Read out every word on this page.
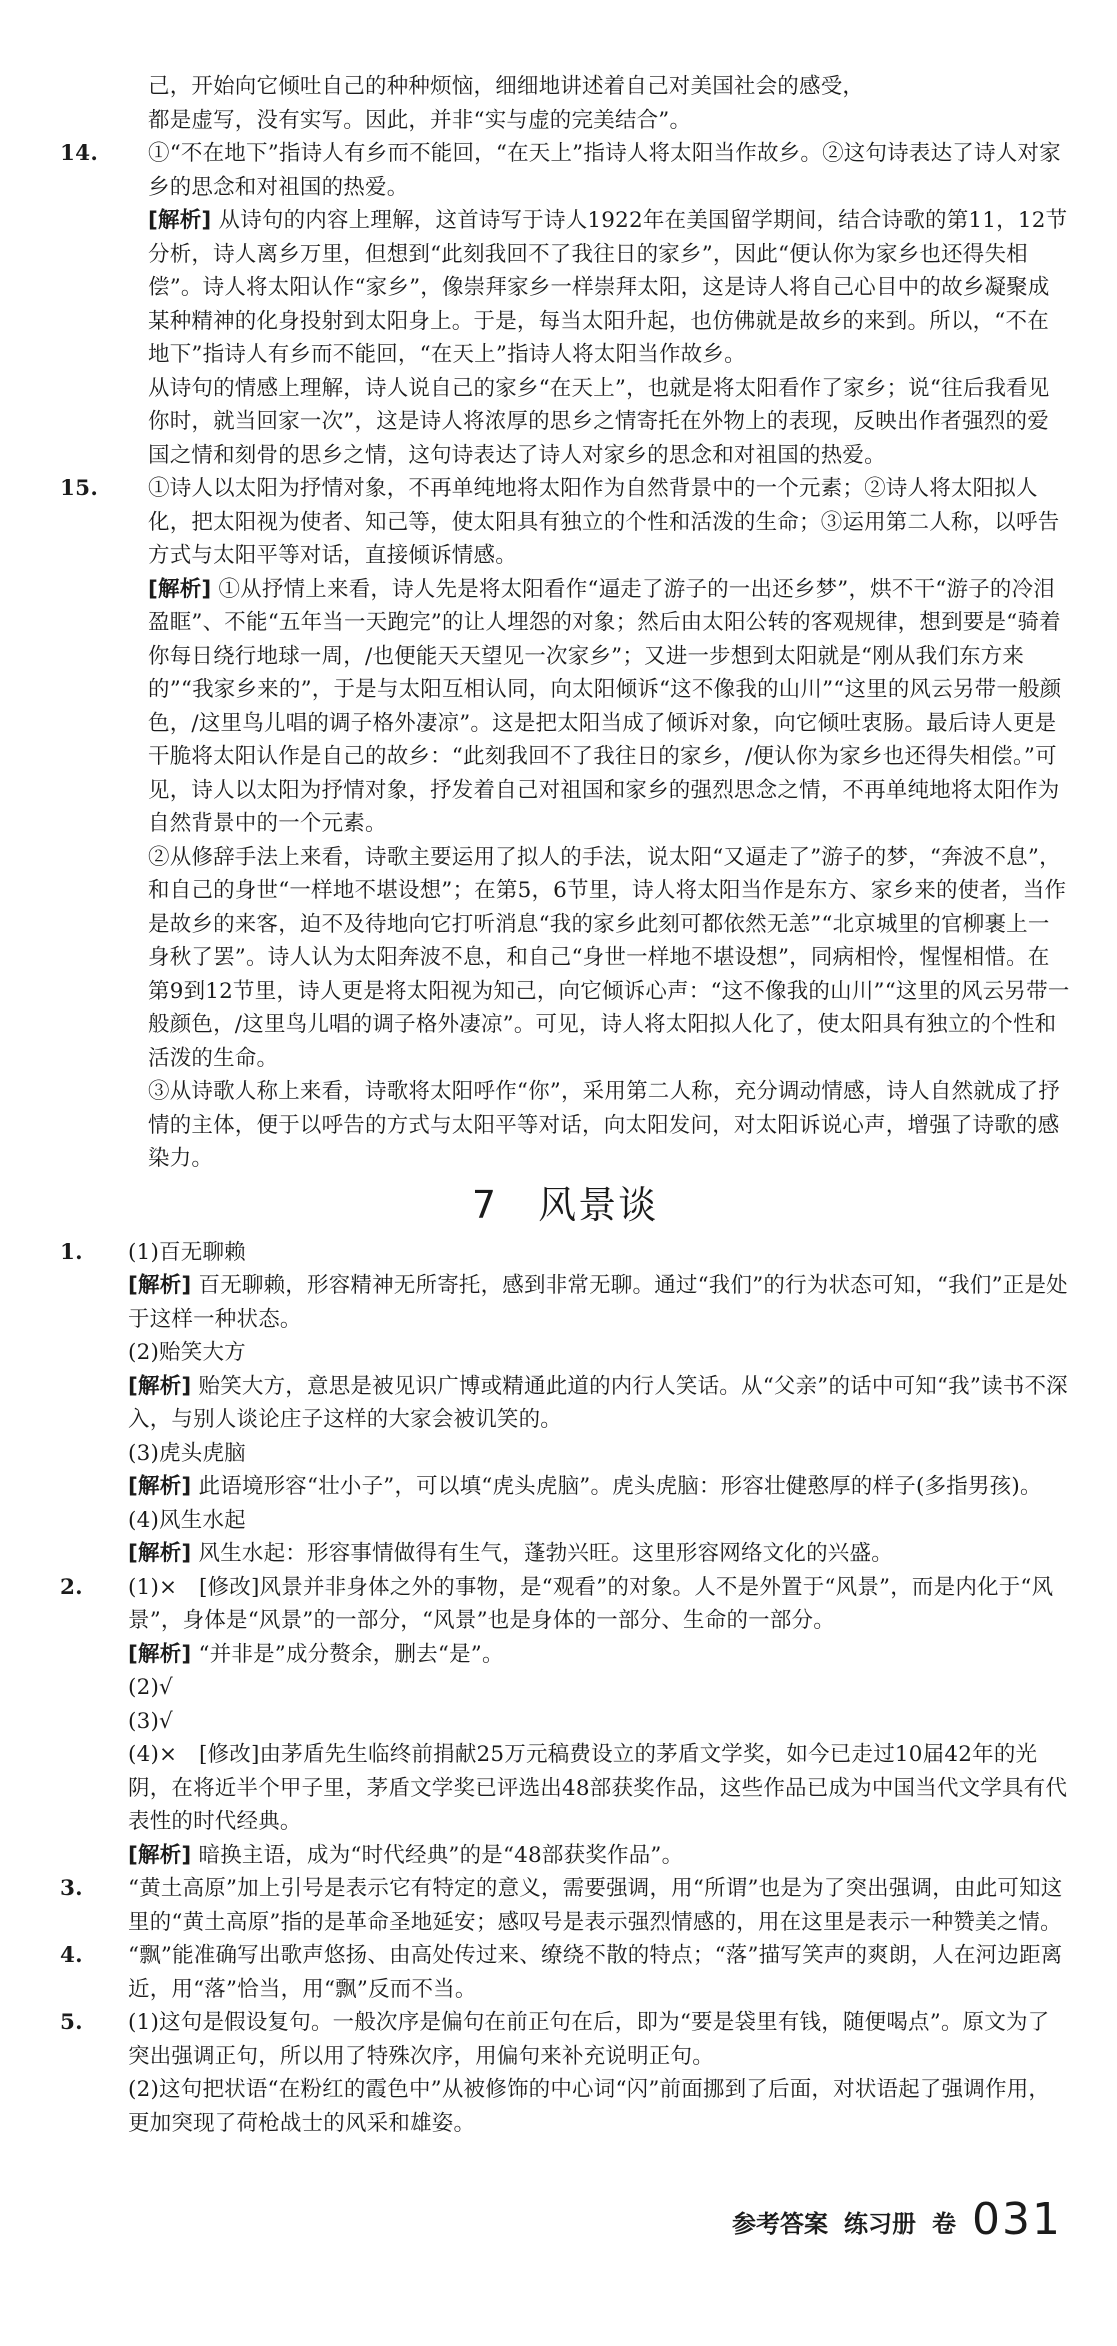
己，开始向它倾吐自己的种种烦恼，细细地讲述着自己对美国社会的感受，

都是虚写，没有实写。因此，并非“实与虚的完美结合”。

14.	①“不在地下”指诗人有乡而不能回，“在天上”指诗人将太阳当作故乡。②这句诗表达了诗人对家乡的思念和对祖国的热爱。
[解析] 从诗句的内容上理解，这首诗写于诗人1922年在美国留学期间，结合诗歌的第11，12节分析，诗人离乡万里，但想到“此刻我回不了我往日的家乡”，因此“便认你为家乡也还得失相偿”。诗人将太阳认作“家乡”，像崇拜家乡一样崇拜太阳，这是诗人将自己心目中的故乡凝聚成某种精神的化身投射到太阳身上。于是，每当太阳升起，也仿佛就是故乡的来到。所以，“不在地下”指诗人有乡而不能回，“在天上”指诗人将太阳当作故乡。

从诗句的情感上理解，诗人说自己的家乡“在天上”，也就是将太阳看作了家乡；说“往后我看见你时，就当回家一次”，这是诗人将浓厚的思乡之情寄托在外物上的表现，反映出作者强烈的爱国之情和刻骨的思乡之情，这句诗表达了诗人对家乡的思念和对祖国的热爱。

15.	①诗人以太阳为抒情对象，不再单纯地将太阳作为自然背景中的一个元素；②诗人将太阳拟人化，把太阳视为使者、知己等，使太阳具有独立的个性和活泼的生命；③运用第二人称，以呼告方式与太阳平等对话，直接倾诉情感。
[解析] ①从抒情上来看，诗人先是将太阳看作“逼走了游子的一出还乡梦”，烘不干“游子的冷泪盈眶”、不能“五年当一天跑完”的让人埋怨的对象；然后由太阳公转的客观规律，想到要是“骑着你每日绕行地球一周，/也便能天天望见一次家乡”；又进一步想到太阳就是“刚从我们东方来的”“我家乡来的”，于是与太阳互相认同，向太阳倾诉“这不像我的山川”“这里的风云另带一般颜色，/这里鸟儿唱的调子格外凄凉”。这是把太阳当成了倾诉对象，向它倾吐衷肠。最后诗人更是干脆将太阳认作是自己的故乡：“此刻我回不了我往日的家乡，/便认你为家乡也还得失相偿。”可见，诗人以太阳为抒情对象，抒发着自己对祖国和家乡的强烈思念之情，不再单纯地将太阳作为自然背景中的一个元素。

②从修辞手法上来看，诗歌主要运用了拟人的手法，说太阳“又逼走了”游子的梦，“奔波不息”，和自己的身世“一样地不堪设想”；在第5，6节里，诗人将太阳当作是东方、家乡来的使者，当作是故乡的来客，迫不及待地向它打听消息“我的家乡此刻可都依然无恙”“北京城里的官柳裹上一身秋了罢”。诗人认为太阳奔波不息，和自己“身世一样地不堪设想”，同病相怜，惺惺相惜。在第9到12节里，诗人更是将太阳视为知己，向它倾诉心声：“这不像我的山川”“这里的风云另带一般颜色，/这里鸟儿唱的调子格外凄凉”。可见，诗人将太阳拟人化了，使太阳具有独立的个性和活泼的生命。

③从诗歌人称上来看，诗歌将太阳呼作“你”，采用第二人称，充分调动情感，诗人自然就成了抒情的主体，便于以呼告的方式与太阳平等对话，向太阳发问，对太阳诉说心声，增强了诗歌的感染力。

7　风景谈
1.	(1)百无聊赖
[解析] 百无聊赖，形容精神无所寄托，感到非常无聊。通过“我们”的行为状态可知，“我们”正是处于这样一种状态。

(2)贻笑大方

[解析] 贻笑大方，意思是被见识广博或精通此道的内行人笑话。从“父亲”的话中可知“我”读书不深入，与别人谈论庄子这样的大家会被讥笑的。

(3)虎头虎脑

[解析] 此语境形容“壮小子”，可以填“虎头虎脑”。虎头虎脑：形容壮健憨厚的样子(多指男孩)。

(4)风生水起

[解析] 风生水起：形容事情做得有生气，蓬勃兴旺。这里形容网络文化的兴盛。
2.	(1)×　[修改]风景并非身体之外的事物，是“观看”的对象。人不是外置于“风景”，而是内化于“风景”，身体是“风景”的一部分，“风景”也是身体的一部分、生命的一部分。
[解析] “并非是”成分赘余，删去“是”。

(2)√

(3)√

(4)×　[修改]由茅盾先生临终前捐献25万元稿费设立的茅盾文学奖，如今已走过10届42年的光阴，在将近半个甲子里，茅盾文学奖已评选出48部获奖作品，这些作品已成为中国当代文学具有代表性的时代经典。

[解析] 暗换主语，成为“时代经典”的是“48部获奖作品”。
3.	“黄土高原”加上引号是表示它有特定的意义，需要强调，用“所谓”也是为了突出强调，由此可知这里的“黄土高原”指的是革命圣地延安；感叹号是表示强烈情感的，用在这里是表示一种赞美之情。
4.	“飘”能准确写出歌声悠扬、由高处传过来、缭绕不散的特点；“落”描写笑声的爽朗，人在河边距离近，用“落”恰当，用“飘”反而不当。
5.	(1)这句是假设复句。一般次序是偏句在前正句在后，即为“要是袋里有钱，随便喝点”。原文为了突出强调正句，所以用了特殊次序，用偏句来补充说明正句。

(2)这句把状语“在粉红的霞色中”从被修饰的中心词“闪”前面挪到了后面，对状语起了强调作用，更加突现了荷枪战士的风采和雄姿。

参考答案 练习册 卷 031
